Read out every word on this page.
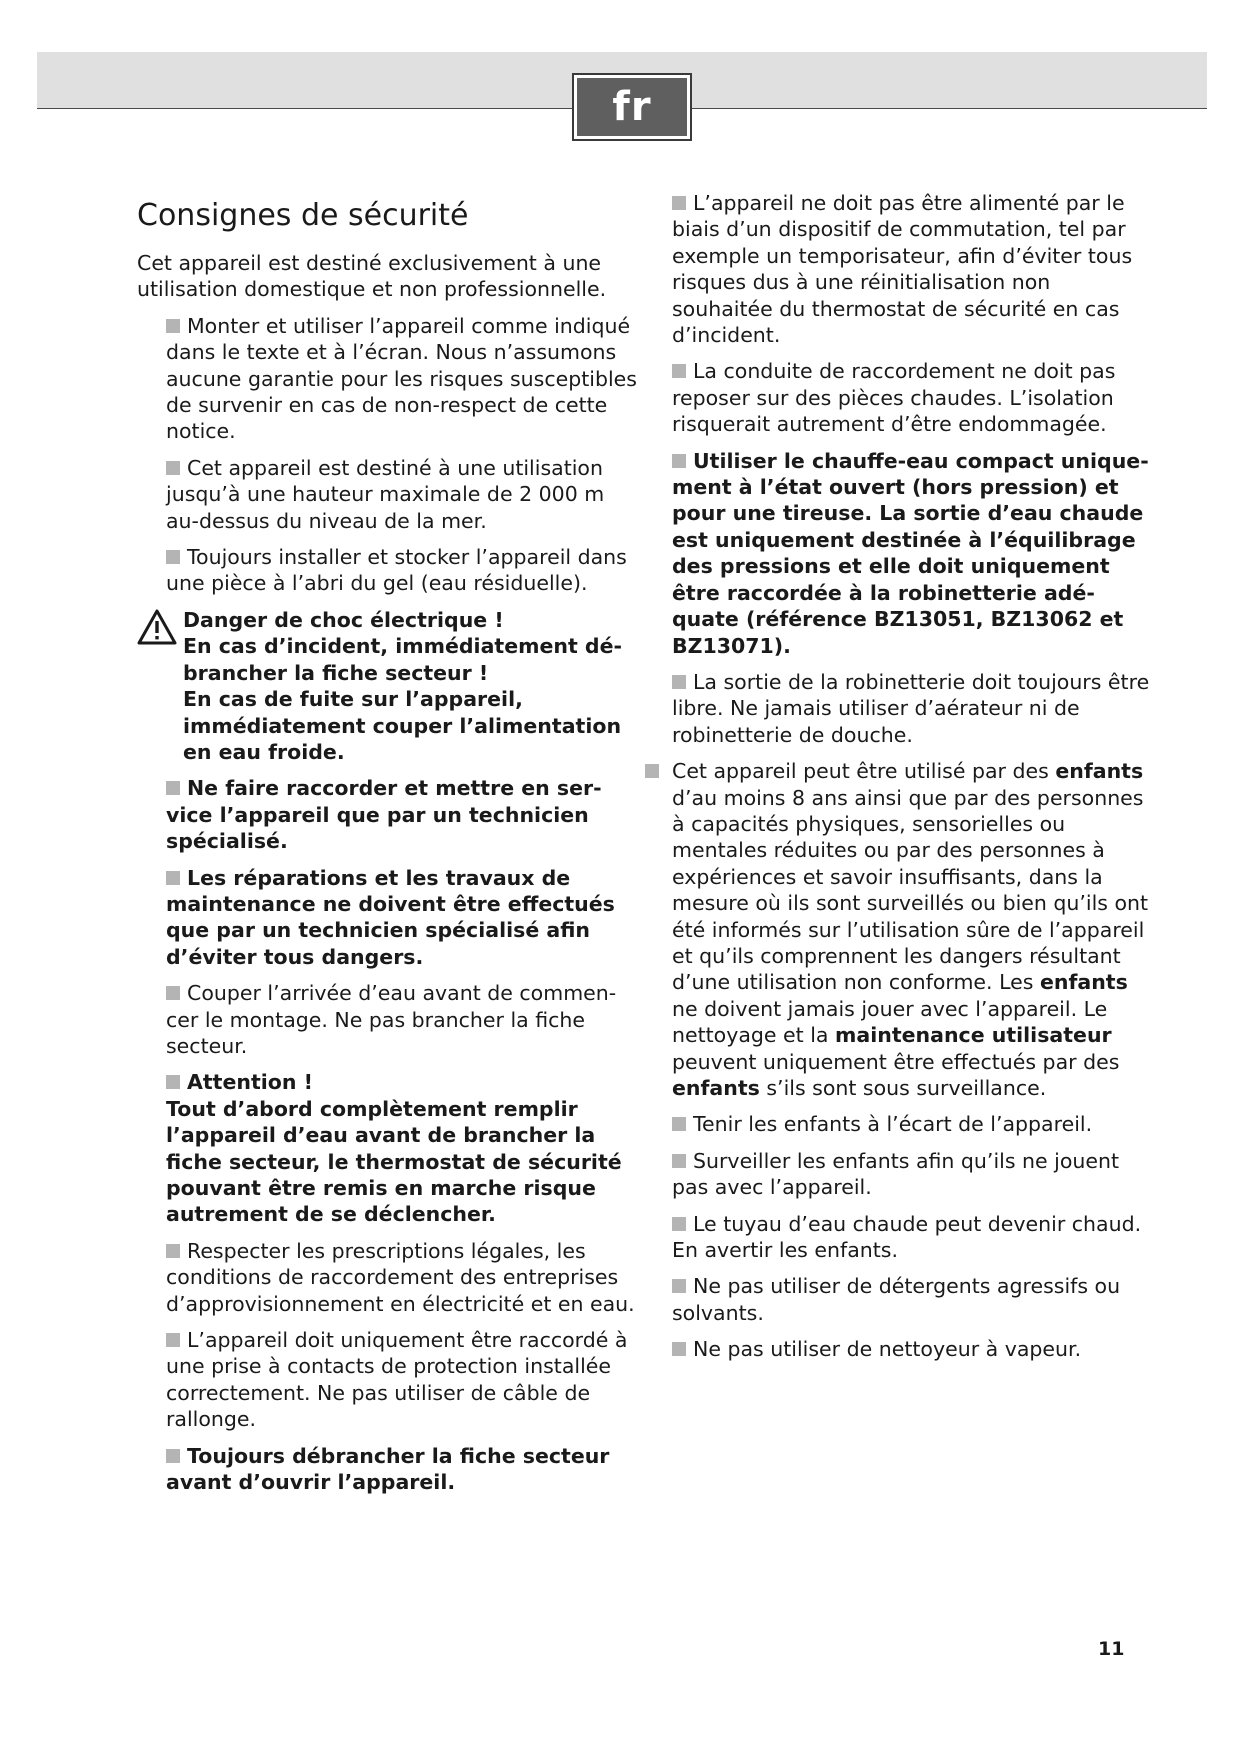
fr
Consignes de sécurité

Cet appareil est destiné exclusivement à une utilisation domestique et non professionnelle.

Monter et utiliser l’appareil comme indiqué dans le texte et à l’écran. Nous n’assumons aucune garantie pour les risques susceptibles de survenir en cas de non-respect de cette notice.

Cet appareil est destiné à une utilisation jusqu’à une hauteur maximale de 2 000 m au-dessus du niveau de la mer.

Toujours installer et stocker l’appareil dans une pièce à l’abri du gel (eau résiduelle).

Danger de choc électrique !

En cas d’incident, immédiatement débrancher la fiche secteur !

En cas de fuite sur l’appareil, immédiatement couper l’alimentation en eau froide.

Ne faire raccorder et mettre en service l’appareil que par un technicien spécialisé.

Les réparations et les travaux de maintenance ne doivent être effectués que par un technicien spécialisé afin d’éviter tous dangers.

Couper l’arrivée d’eau avant de commencer le montage. Ne pas brancher la fiche secteur.

Attention !
Tout d’abord complètement remplir l’appareil d’eau avant de brancher la fiche secteur, le thermostat de sécurité pouvant être remis en marche risque autrement de se déclencher.

Respecter les prescriptions légales, les conditions de raccordement des entreprises d’approvisionnement en électricité et en eau.

L’appareil doit uniquement être raccordé à une prise à contacts de protection installée correctement. Ne pas utiliser de câble de rallonge.

Toujours débrancher la fiche secteur avant d’ouvrir l’appareil.

L’appareil ne doit pas être alimenté par le biais d’un dispositif de commutation, tel par exemple un temporisateur, afin d’éviter tous risques dus à une réinitialisation non souhaitée du thermostat de sécurité en cas d’incident.

La conduite de raccordement ne doit pas reposer sur des pièces chaudes. L’isolation risquerait autrement d’être endommagée.

Utiliser le chauffe-eau compact uniquement à l’état ouvert (hors pression) et pour une tireuse. La sortie d’eau chaude est uniquement destinée à l’équilibrage des pressions et elle doit uniquement être raccordée à la robinetterie adéquate (référence BZ13051, BZ13062 et BZ13071).

La sortie de la robinetterie doit toujours être libre. Ne jamais utiliser d’aérateur ni de robinetterie de douche.

Cet appareil peut être utilisé par des enfants d’au moins 8 ans ainsi que par des personnes à capacités physiques, sensorielles ou mentales réduites ou par des personnes à expériences et savoir insuffisants, dans la mesure où ils sont surveillés ou bien qu’ils ont été informés sur l’utilisation sûre de l’appareil et qu’ils comprennent les dangers résultant d’une utilisation non conforme. Les enfants ne doivent jamais jouer avec l’appareil. Le nettoyage et la maintenance utilisateur peuvent uniquement être effectués par des enfants s’ils sont sous surveillance.

Tenir les enfants à l’écart de l’appareil.

Surveiller les enfants afin qu’ils ne jouent pas avec l’appareil.

Le tuyau d’eau chaude peut devenir chaud. En avertir les enfants.

Ne pas utiliser de détergents agressifs ou solvants.

Ne pas utiliser de nettoyeur à vapeur.

11
